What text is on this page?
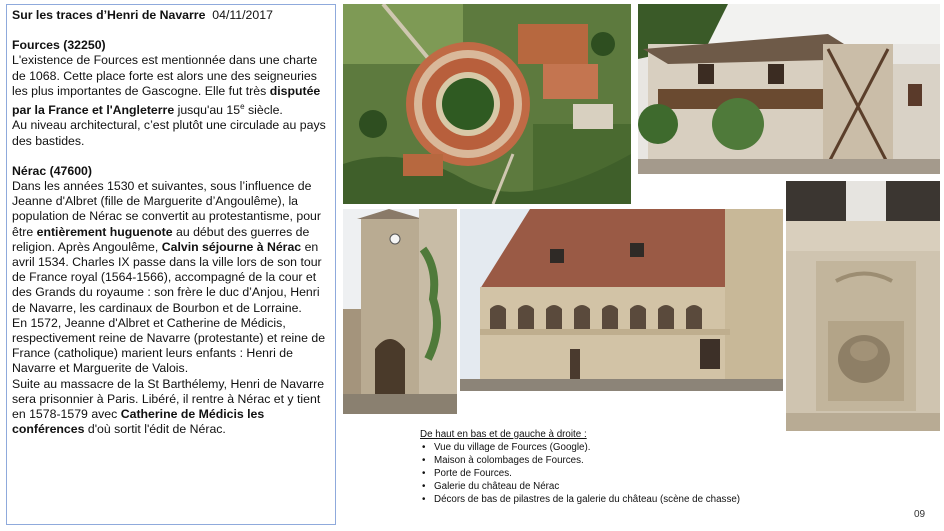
Sur les traces d’Henri de Navarre 04/11/2017

Fources (32250)

L'existence de Fources est mentionnée dans une charte de 1068. Cette place forte est alors une des seigneuries les plus importantes de Gascogne. Elle fut très disputée par la France et l'Angleterre jusqu'au 15e siècle.

Au niveau architectural, c’est plutôt une circulade au pays des bastides.

Nérac (47600)

Dans les années 1530 et suivantes, sous l’influence de Jeanne d'Albret (fille de Marguerite d’Angoulême), la population de Nérac se convertit au protestantisme, pour être entièrement huguenote au début des guerres de religion. Après Angoulême, Calvin séjourne à Nérac en avril 1534. Charles IX passe dans la ville lors de son tour de France royal (1564-1566), accompagné de la cour et des Grands du royaume : son frère le duc d’Anjou, Henri de Navarre, les cardinaux de Bourbon et de Lorraine.

En 1572, Jeanne d'Albret et Catherine de Médicis, respectivement reine de Navarre (protestante) et reine de France (catholique) marient leurs enfants : Henri de Navarre et Marguerite de Valois.

Suite au massacre de la St Barthélemy, Henri de Navarre sera prisonnier à Paris. Libéré, il rentre à Nérac et y tient en 1578-1579 avec Catherine de Médicis les conférences d'où sortit l'édit de Nérac.	De haut en bas et de gauche à droite :

• Vue du village de Fources (Google).
• Maison à colombages de Fources.
• Porte de Fources.
• Galerie du château de Nérac
• Décors de bas de pilastres de la galerie du château (scène de chasse)
09
